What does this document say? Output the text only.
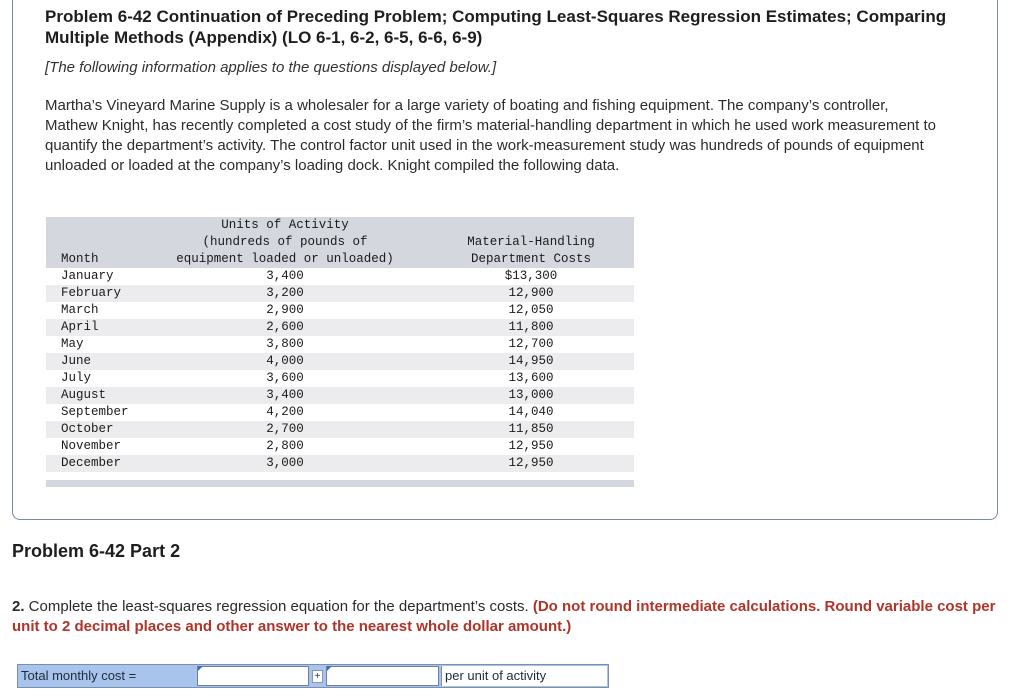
Problem 6-42 Continuation of Preceding Problem; Computing Least-Squares Regression Estimates; Comparing Multiple Methods (Appendix) (LO 6-1, 6-2, 6-5, 6-6, 6-9)
[The following information applies to the questions displayed below.]
Martha’s Vineyard Marine Supply is a wholesaler for a large variety of boating and fishing equipment. The company’s controller, Mathew Knight, has recently completed a cost study of the firm’s material-handling department in which he used work measurement to quantify the department’s activity. The control factor unit used in the work-measurement study was hundreds of pounds of equipment unloaded or loaded at the company’s loading dock. Knight compiled the following data.
Month
Units of Activity
(hundreds of pounds of
equipment loaded or unloaded)
Material-Handling
Department Costs
January	3,400	$13,300
February	3,200	12,900
March	2,900	12,050
April	2,600	11,800
May	3,800	12,700
June	4,000	14,950
July	3,600	13,600
August	3,400	13,000
September	4,200	14,040
October	2,700	11,850
November	2,800	12,950
December	3,000	12,950
Problem 6-42 Part 2
2. Complete the least-squares regression equation for the department’s costs. (Do not round intermediate calculations. Round variable cost per unit to 2 decimal places and other answer to the nearest whole dollar amount.)
Total monthly cost =	+	per unit of activity
